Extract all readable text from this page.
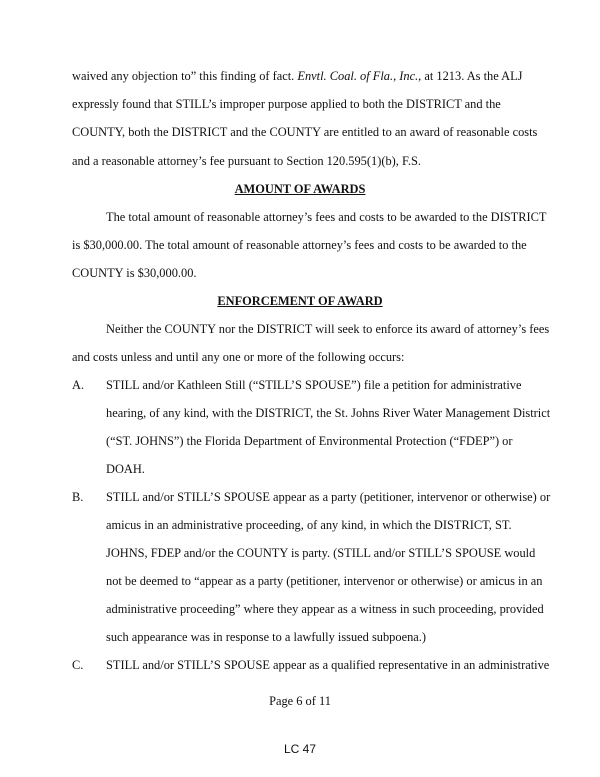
waived any objection to” this finding of fact. Envtl. Coal. of Fla., Inc., at 1213. As the ALJ
expressly found that STILL’s improper purpose applied to both the DISTRICT and the
COUNTY, both the DISTRICT and the COUNTY are entitled to an award of reasonable costs
and a reasonable attorney’s fee pursuant to Section 120.595(1)(b), F.S.
AMOUNT OF AWARDS
The total amount of reasonable attorney’s fees and costs to be awarded to the DISTRICT
is $30,000.00. The total amount of reasonable attorney’s fees and costs to be awarded to the
COUNTY is $30,000.00.
ENFORCEMENT OF AWARD
Neither the COUNTY nor the DISTRICT will seek to enforce its award of attorney’s fees
and costs unless and until any one or more of the following occurs:
A. STILL and/or Kathleen Still (“STILL’S SPOUSE”) file a petition for administrative
hearing, of any kind, with the DISTRICT, the St. Johns River Water Management District
(“ST. JOHNS”) the Florida Department of Environmental Protection (“FDEP”) or
DOAH.
B. STILL and/or STILL’S SPOUSE appear as a party (petitioner, intervenor or otherwise) or
amicus in an administrative proceeding, of any kind, in which the DISTRICT, ST.
JOHNS, FDEP and/or the COUNTY is party. (STILL and/or STILL’S SPOUSE would
not be deemed to “appear as a party (petitioner, intervenor or otherwise) or amicus in an
administrative proceeding” where they appear as a witness in such proceeding, provided
such appearance was in response to a lawfully issued subpoena.)
C. STILL and/or STILL’S SPOUSE appear as a qualified representative in an administrative
Page 6 of 11
LC 47
